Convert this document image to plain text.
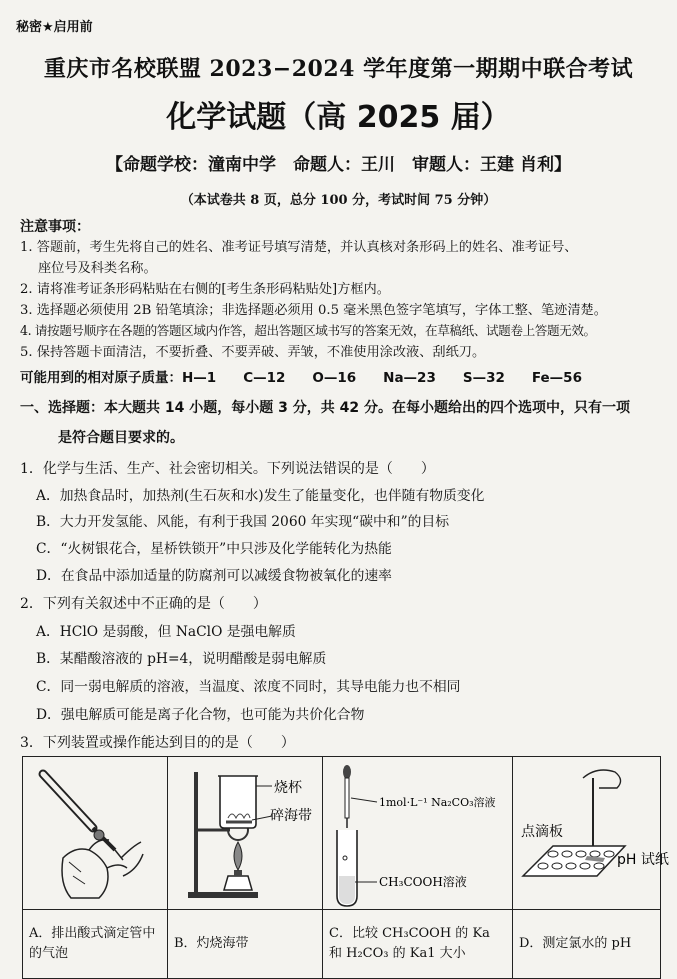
秘密★启用前
重庆市名校联盟 2023−2024 学年度第一期期中联合考试
化学试题（高 2025 届）
【命题学校：潼南中学　命题人：王川　审题人：王建 肖利】
（本试卷共 8 页，总分 100 分，考试时间 75 分钟）
注意事项：
1. 答题前，考生先将自己的姓名、准考证号填写清楚，并认真核对条形码上的姓名、准考证号、
座位号及科类名称。
2. 请将准考证条形码粘贴在右侧的[考生条形码粘贴处]方框内。
3. 选择题必须使用 2B 铅笔填涂；非选择题必须用 0.5 毫米黑色签字笔填写，字体工整、笔迹清楚。
4. 请按题号顺序在各题的答题区域内作答，超出答题区域书写的答案无效，在草稿纸、试题卷上答题无效。
5. 保持答题卡面清洁，不要折叠、不要弄破、弄皱，不准使用涂改液、刮纸刀。
可能用到的相对原子质量：H—1　　C—12　　O—16　　Na—23　　S—32　　Fe—56
一、选择题：本大题共 14 小题，每小题 3 分，共 42 分。在每小题给出的四个选项中，只有一项
是符合题目要求的。
1．化学与生活、生产、社会密切相关。下列说法错误的是（　　）
A．加热食品时，加热剂(生石灰和水)发生了能量变化，也伴随有物质变化
B．大力开发氢能、风能，有利于我国 2060 年实现“碳中和”的目标
C．“火树银花合，星桥铁锁开”中只涉及化学能转化为热能
D．在食品中添加适量的防腐剂可以减缓食物被氧化的速率
2．下列有关叙述中不正确的是（　　）
A．HClO 是弱酸，但 NaClO 是强电解质
B．某醋酸溶液的 pH=4，说明醋酸是弱电解质
C．同一弱电解质的溶液，当温度、浓度不同时，其导电能力也不相同
D．强电解质可能是离子化合物，也可能为共价化合物
3．下列装置或操作能达到目的的是（　　）

烧杯
碎海带	1mol·L⁻¹ Na₂CO₃溶液
CH₃COOH溶液	点滴板
pH 试纸

A．排出酸式滴定管中的气泡	B．灼烧海带	C．比较 CH₃COOH 的 Ka 和 H₂CO₃ 的 Ka1 大小	D．测定氯水的 pH
